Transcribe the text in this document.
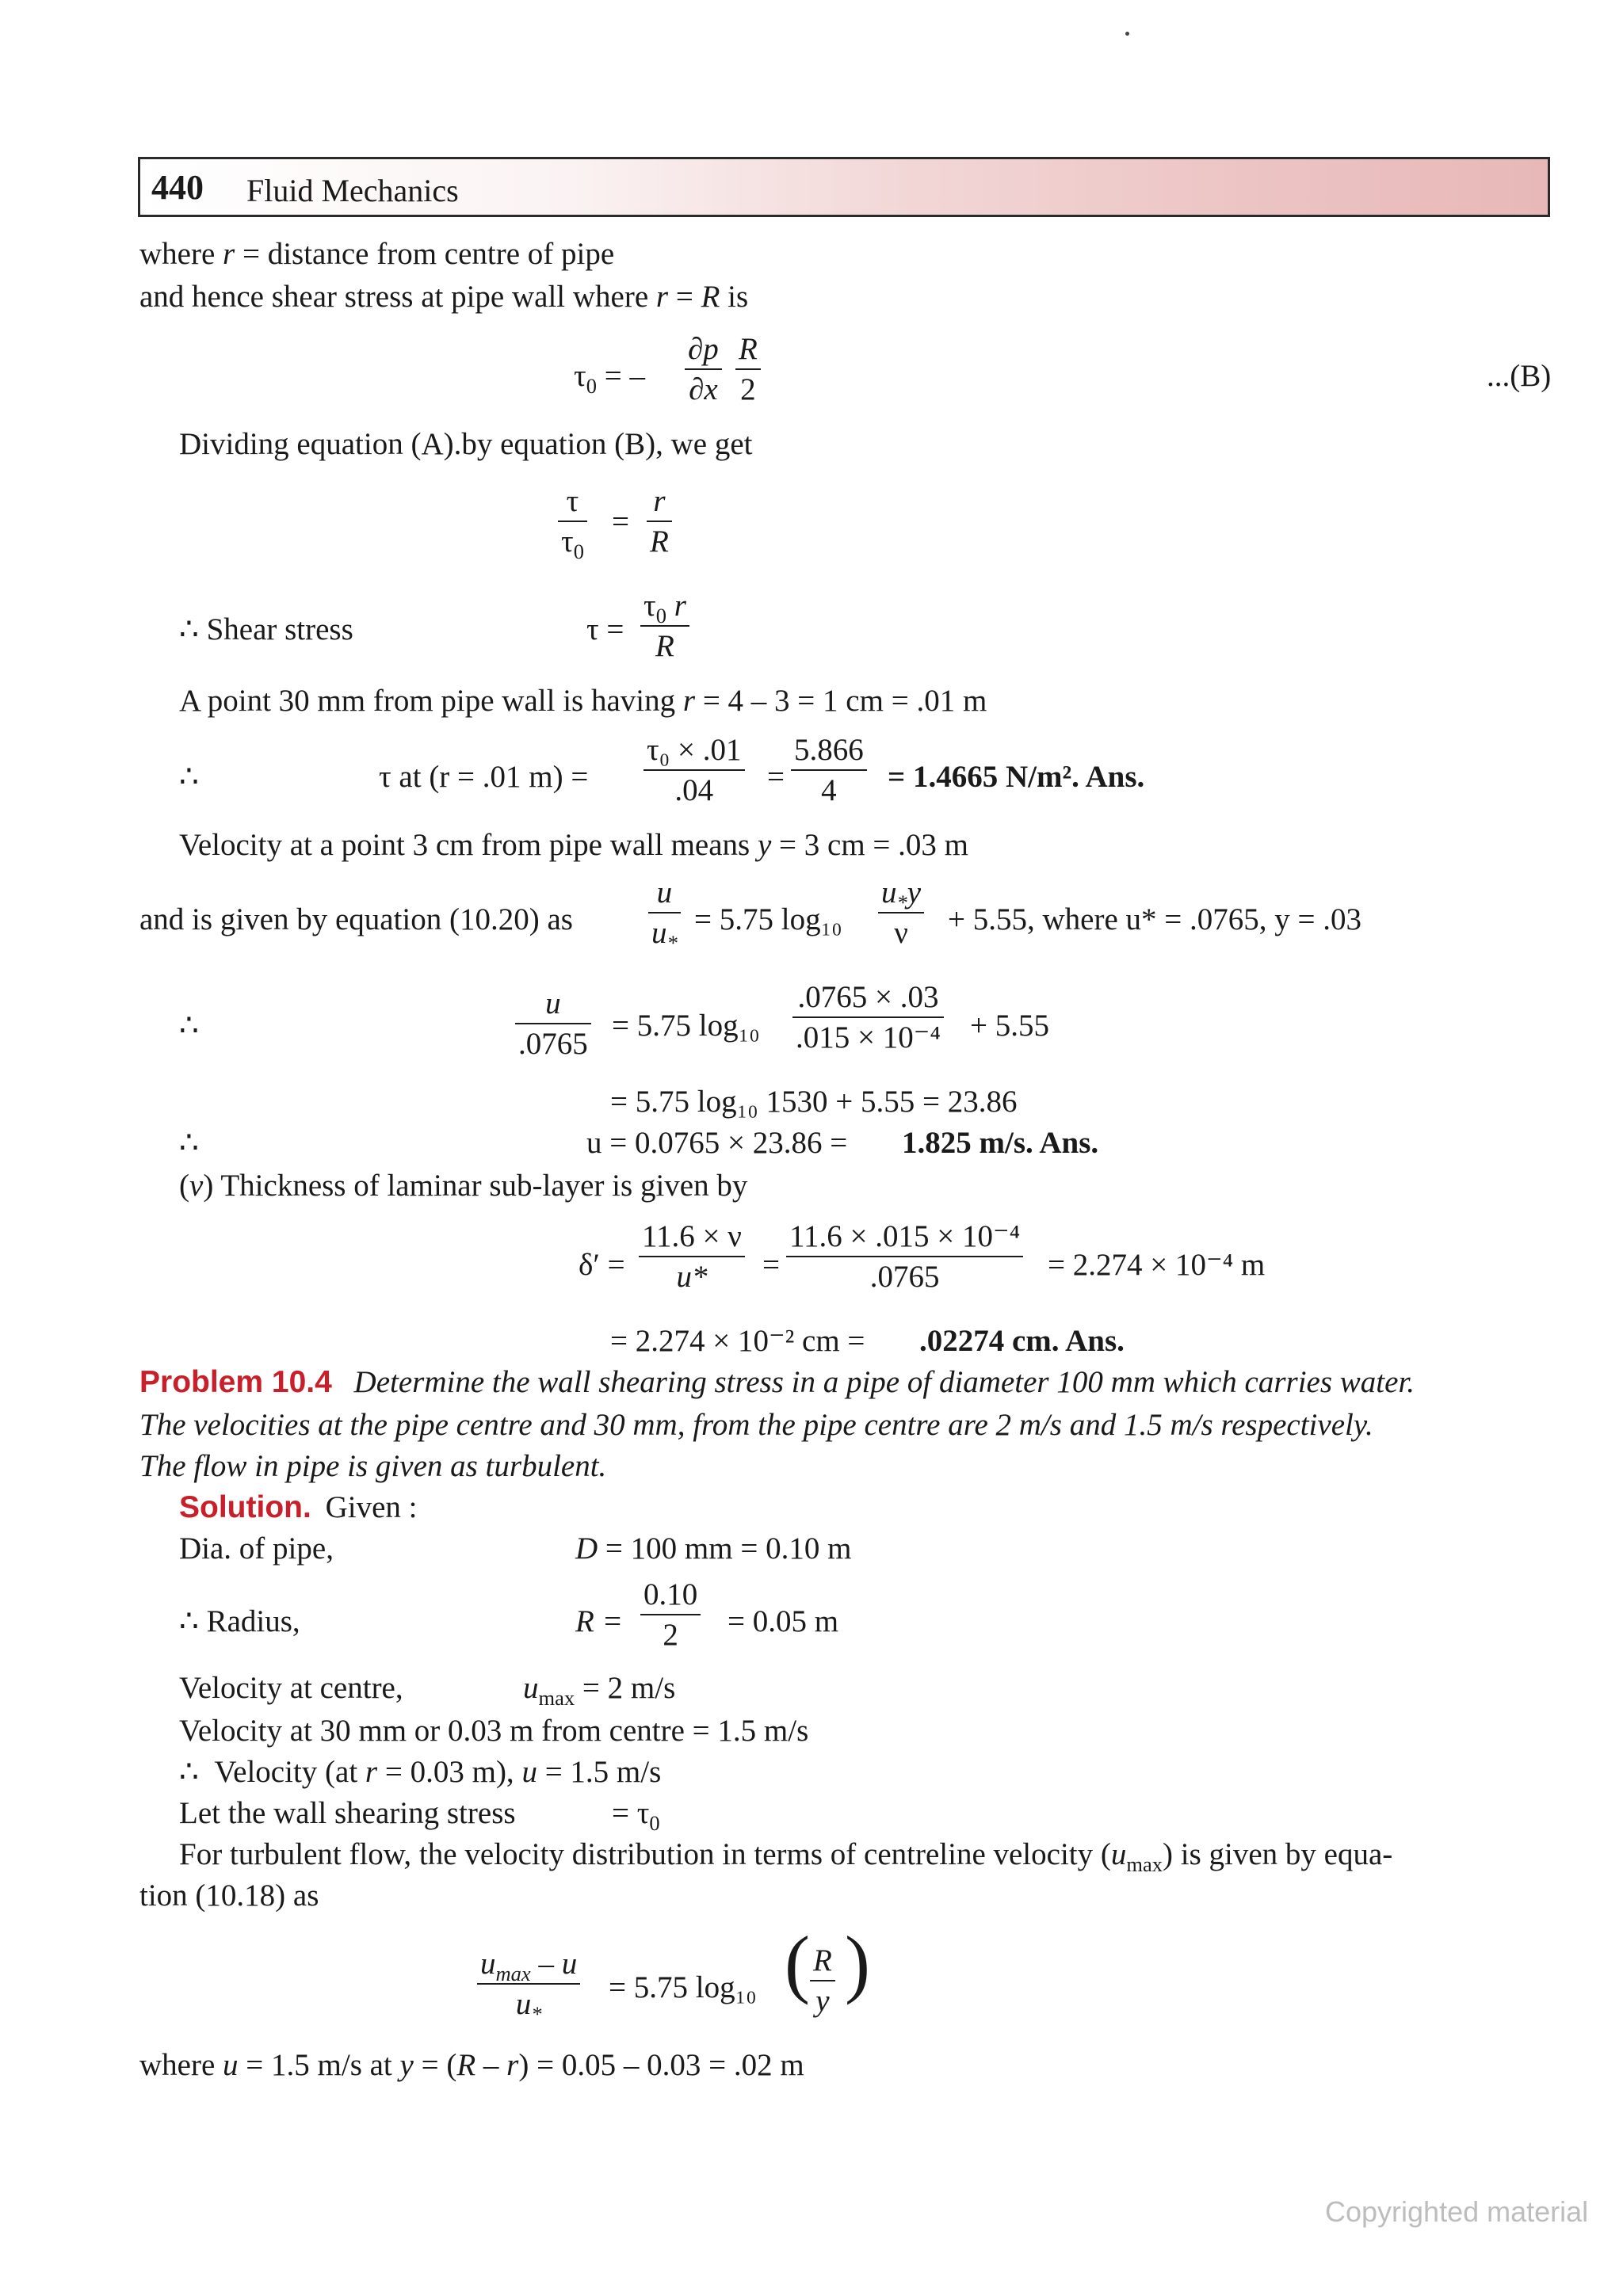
440 Fluid Mechanics
where r = distance from centre of pipe
and hence shear stress at pipe wall where r = R is
$\tau_0$ = – $\frac{\partial p}{\partial x} \frac{R}{2}$	...(B)
Dividing equation (A).by equation (B), we get
$\frac{\tau}{\tau_0} = \frac{r}{R}$
∴ Shear stress	$\tau = \frac{\tau_0 r}{R}$
A point 30 mm from pipe wall is having r = 4 – 3 = 1 cm = .01 m
∴	τ at (r = .01 $m) = \frac{\text{τ₀ × .01}}{.04} = \frac{5.866}{4} = 1.4665$ N/m². Ans.
Velocity at a point 3 cm from pipe wall means y = 3 cm = .03 m
and is given by equation (10.20) as $\frac{u}{u_*} = 5.75$ $\log_{10} \frac{u_*y}{\nu} + 5.55$, where u* = .0765, y = .03
∴	$\frac{u}{.0765} = 5.75$ $\log_{10} \frac{.0765 \times .03}{\text{.015 × 10⁻⁴}} + 5.55$
= 5.75 log₁₀ 1530 + 5.55 = 23.86
∴	u = 0.0765 × 23.86 = 1.825 m/s. Ans.
(v) Thickness of laminar sub-layer is given by
$\delta' = \frac{11.6 \times \nu}{u*} = \frac{\text{11.6 × .015 × 10⁻⁴}}{.0765} = 2.274 \times 10^{-4}$ m
= 2.274 × 10⁻² cm = .02274 cm. Ans.
Problem 10.4 Determine the wall shearing stress in a pipe of diameter 100 mm which carries water.
The velocities at the pipe centre and 30 mm, from the pipe centre are 2 m/s and 1.5 m/s respectively.
The flow in pipe is given as turbulent.
Solution. Given :
Dia. of pipe,	D = 100 mm = 0.10 m
∴ Radius,	$R = \frac{0.10}{2} = 0.05$ m
Velocity at centre,	$u_{max} = 2$ m/s
Velocity at 30 mm or 0.03 m from centre = 1.5 m/s
∴  Velocity (at r = 0.03 m), u = 1.5 m/s
Let the wall shearing stress	= $\tau_0$
For turbulent flow, the velocity distribution in terms of centreline velocity $(u_{max})$ is given by equa-
tion (10.18) as
$u_{max}$ – u
$u_*$
= 5.75 log₁₀ ( $\frac{R}{y}$ )
where u = 1.5 m/s at y = (R – r) = 0.05 – 0.03 = .02 m
Copyrighted material
